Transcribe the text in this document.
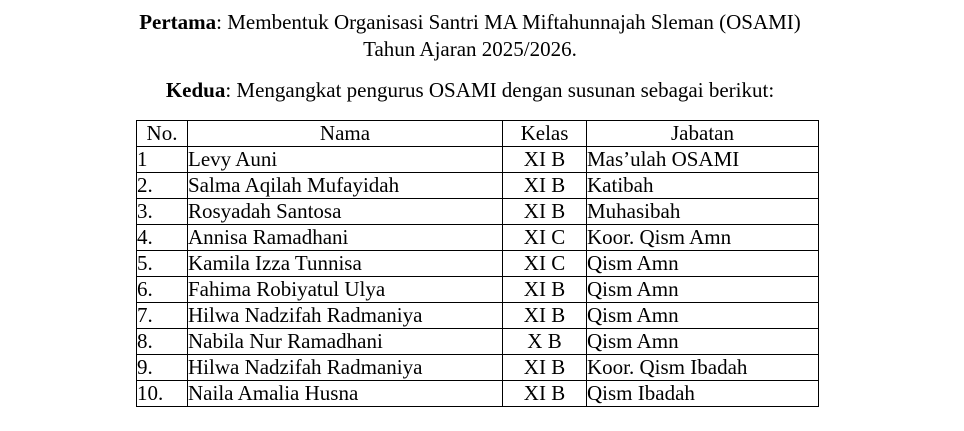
Pertama: Membentuk Organisasi Santri MA Miftahunnajah Sleman (OSAMI)
Tahun Ajaran 2025/2026.

Kedua: Mengangkat pengurus OSAMI dengan susunan sebagai berikut:

No.	Nama	Kelas	Jabatan
1	Levy Auni	XI B	Mas’ulah OSAMI
2.	Salma Aqilah Mufayidah	XI B	Katibah
3.	Rosyadah Santosa	XI B	Muhasibah
4.	Annisa Ramadhani	XI C	Koor. Qism Amn
5.	Kamila Izza Tunnisa	XI C	Qism Amn
6.	Fahima Robiyatul Ulya	XI B	Qism Amn
7.	Hilwa Nadzifah Radmaniya	XI B	Qism Amn
8.	Nabila Nur Ramadhani	X B	Qism Amn
9.	Hilwa Nadzifah Radmaniya	XI B	Koor. Qism Ibadah
10.	Naila Amalia Husna	XI B	Qism Ibadah
